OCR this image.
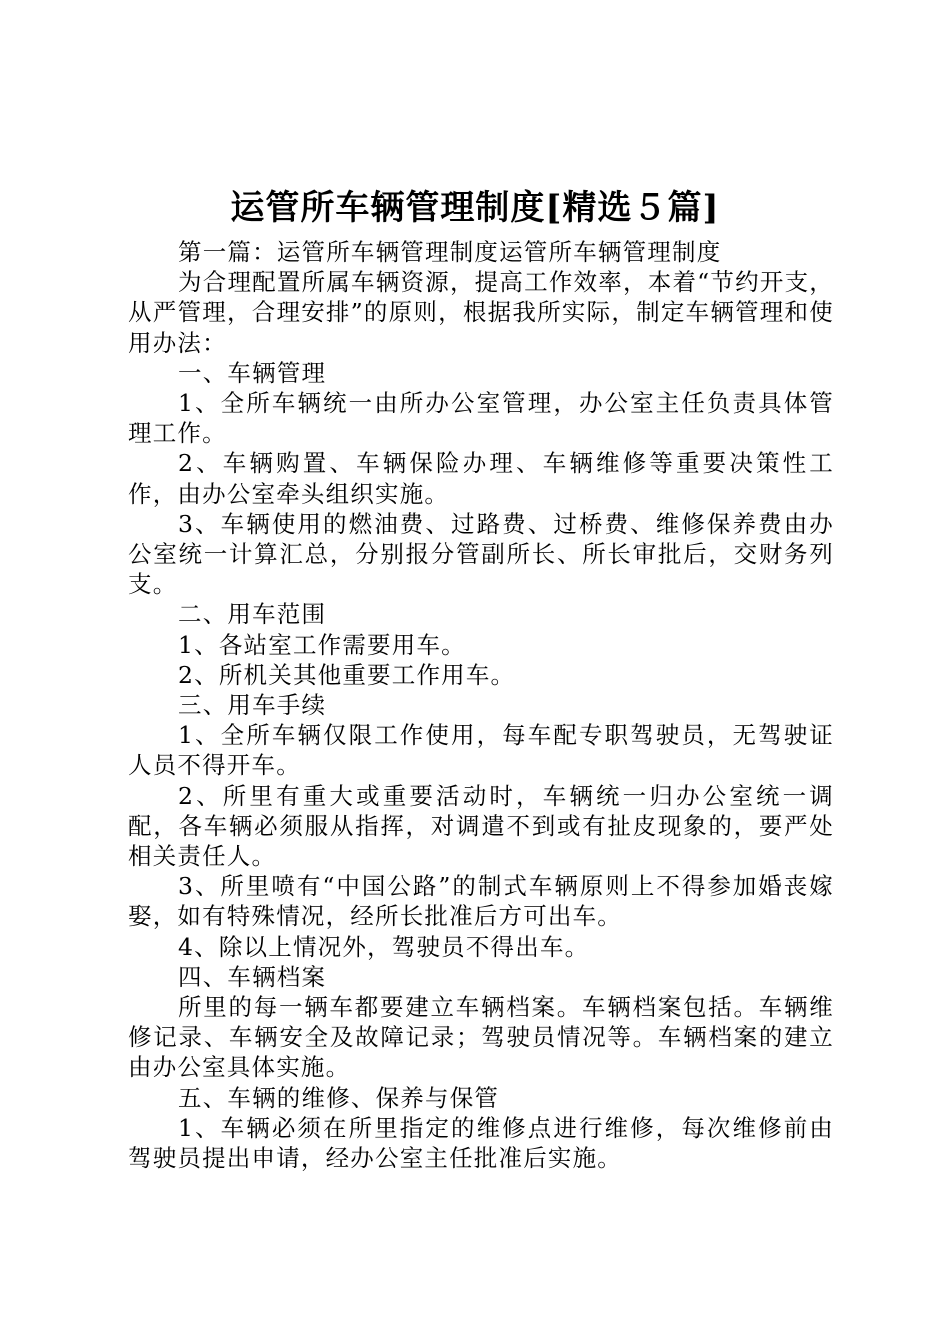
运管所车辆管理制度[精选５篇]

第一篇：运管所车辆管理制度运管所车辆管理制度

为合理配置所属车辆资源，提高工作效率，本着“节约开支，从严管理，合理安排”的原则，根据我所实际，制定车辆管理和使用办法：

一、车辆管理

1、全所车辆统一由所办公室管理，办公室主任负责具体管理工作。

2、车辆购置、车辆保险办理、车辆维修等重要决策性工作，由办公室牵头组织实施。

3、车辆使用的燃油费、过路费、过桥费、维修保养费由办公室统一计算汇总，分别报分管副所长、所长审批后，交财务列支。

二、用车范围

1、各站室工作需要用车。

2、所机关其他重要工作用车。

三、用车手续

1、全所车辆仅限工作使用，每车配专职驾驶员，无驾驶证人员不得开车。

2、所里有重大或重要活动时，车辆统一归办公室统一调配，各车辆必须服从指挥，对调遣不到或有扯皮现象的，要严处相关责任人。

3、所里喷有“中国公路”的制式车辆原则上不得参加婚丧嫁娶，如有特殊情况，经所长批准后方可出车。

4、除以上情况外，驾驶员不得出车。

四、车辆档案

所里的每一辆车都要建立车辆档案。车辆档案包括。车辆维修记录、车辆安全及故障记录；驾驶员情况等。车辆档案的建立由办公室具体实施。

五、车辆的维修、保养与保管

1、车辆必须在所里指定的维修点进行维修，每次维修前由驾驶员提出申请，经办公室主任批准后实施。
